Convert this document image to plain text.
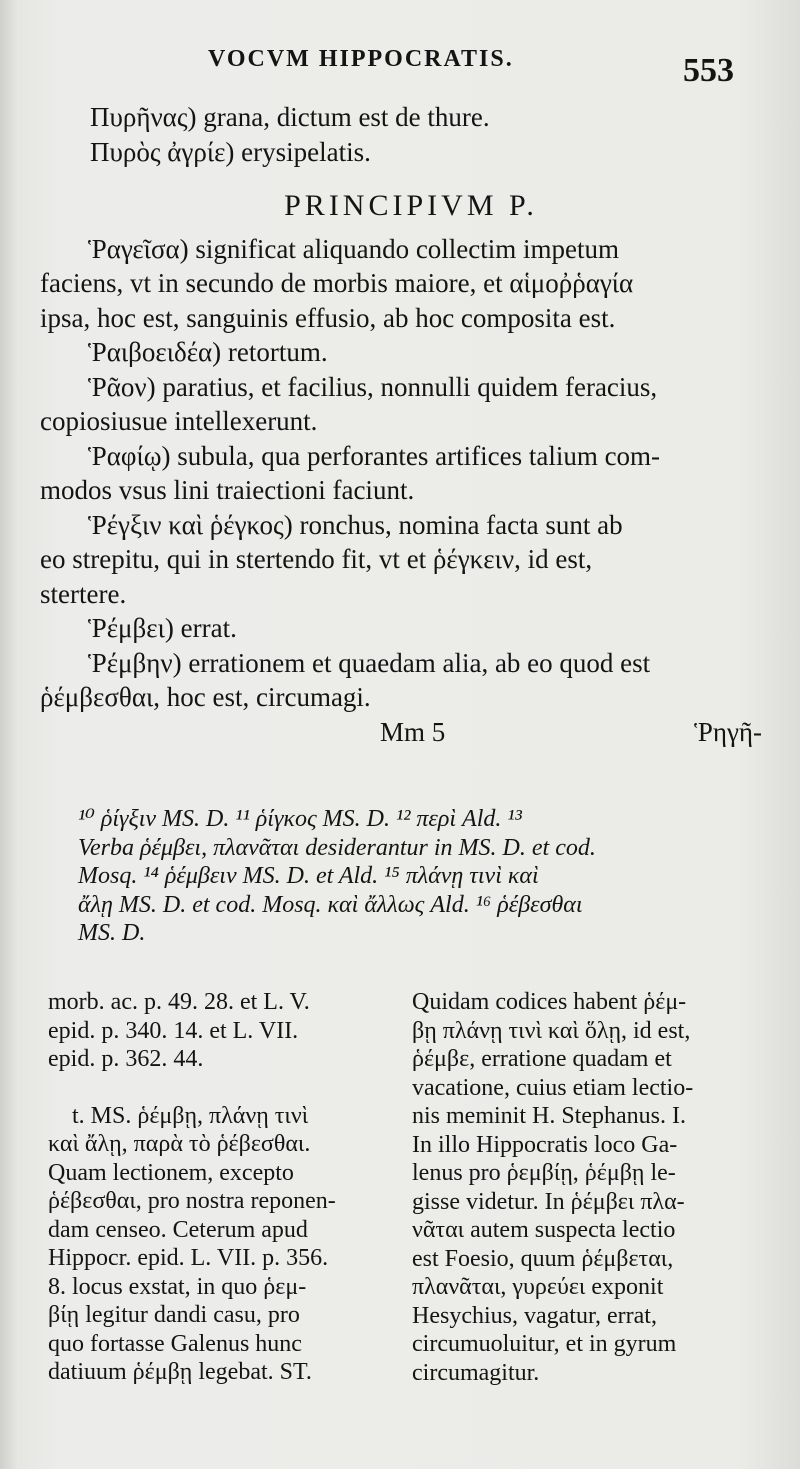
VOCVM HIPPOCRATIS.	553

Πυρῆνας) grana, dictum est de thure.

Πυρὸς ἀγρίε) erysipelatis.

PRINCIPIVM P.

Ῥαγεῖσα) significat aliquando collectim impetum

faciens, vt in secundo de morbis maiore, et αἱμοῤῥαγία

ipsa, hoc est, sanguinis effusio, ab hoc composita est.

Ῥαιβοειδέα) retortum.

Ῥᾶον) paratius, et facilius, nonnulli quidem feracius,

copiosiusue intellexerunt.

Ῥαφίῳ) subula, qua perforantes artifices talium com-

modos vsus lini traiectioni faciunt.

Ῥέγξιν καὶ ῥέγκος) ronchus, nomina facta sunt ab

eo strepitu, qui in stertendo fit, vt et ῥέγκειν, id est,

stertere.

Ῥέμβει) errat.

Ῥέμβην) errationem et quaedam alia, ab eo quod est

ῥέμβεσθαι, hoc est, circumagi.

Mm 5	Ῥηγῆ-

¹⁰ ῥίγξιν MS. D. ¹¹ ῥίγκος MS. D. ¹² περὶ Ald. ¹³

Verba ῥέμβει, πλανᾶται desiderantur in MS. D. et cod.

Mosq. ¹⁴ ῥέμβειν MS. D. et Ald. ¹⁵ πλάνῃ τινὶ καὶ

ἄλῃ MS. D. et cod. Mosq. καὶ ἄλλως Ald. ¹⁶ ῥέβεσθαι

MS. D.

morb. ac. p. 49. 28. et L. V.

epid. p. 340. 14. et L. VII.

epid. p. 362. 44.

t. MS. ῥέμβῃ, πλάνῃ τινὶ

καὶ ἄλῃ, παρὰ τὸ ῥέβεσθαι.

Quam lectionem, excepto

ῥέβεσθαι, pro nostra reponen-

dam censeo. Ceterum apud

Hippocr. epid. L. VII. p. 356.

8. locus exstat, in quo ῥεμ-

βίῃ legitur dandi casu, pro

quo fortasse Galenus hunc

datiuum ῥέμβῃ legebat. ST.

Quidam codices habent ῥέμ-

βῃ πλάνῃ τινὶ καὶ ὅλῃ, id est,

ῥέμβε, erratione quadam et

vacatione, cuius etiam lectio-

nis meminit H. Stephanus. I.

In illo Hippocratis loco Ga-

lenus pro ῥεμβίῃ, ῥέμβῃ le-

gisse videtur. In ῥέμβει πλα-

νᾶται autem suspecta lectio

est Foesio, quum ῥέμβεται,

πλανᾶται, γυρεύει exponit

Hesychius, vagatur, errat,

circumuoluitur, et in gyrum

circumagitur.
